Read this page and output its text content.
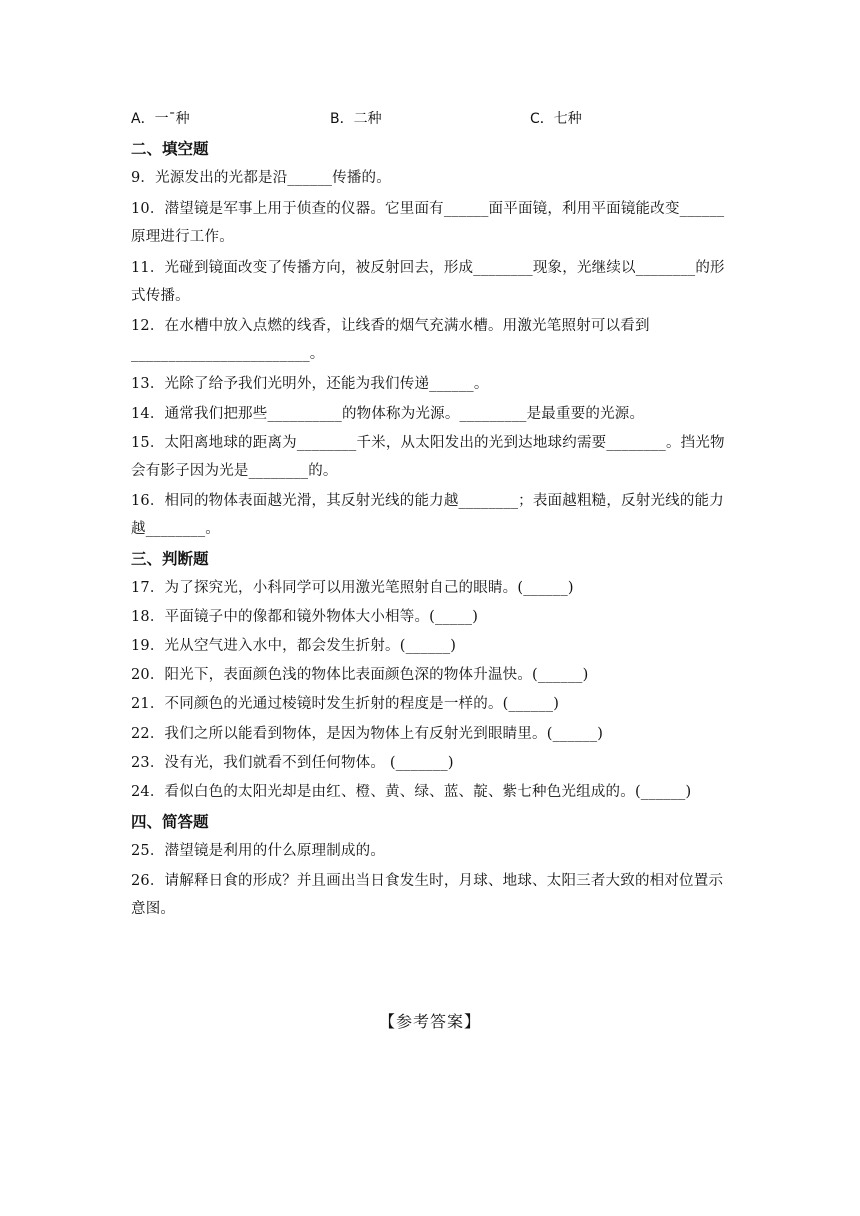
A．一ˉ种	B．二种	C．七种
二、填空题
9．光源发出的光都是沿______传播的。
10．潜望镜是军事上用于侦查的仪器。它里面有______面平面镜，利用平面镜能改变______
原理进行工作。
11．光碰到镜面改变了传播方向，被反射回去，形成________现象，光继续以________的形
式传播。
12．在水槽中放入点燃的线香，让线香的烟气充满水槽。用激光笔照射可以看到
________________________。
13．光除了给予我们光明外，还能为我们传递______。
14．通常我们把那些__________的物体称为光源。_________是最重要的光源。
15．太阳离地球的距离为________千米，从太阳发出的光到达地球约需要________。挡光物
会有影子因为光是________的。
16．相同的物体表面越光滑，其反射光线的能力越________；表面越粗糙，反射光线的能力
越________。
三、判断题
17．为了探究光，小科同学可以用激光笔照射自己的眼睛。(______)
18．平面镜子中的像都和镜外物体大小相等。(_____)
19．光从空气进入水中，都会发生折射。(______)
20．阳光下，表面颜色浅的物体比表面颜色深的物体升温快。(______)
21．不同颜色的光通过棱镜时发生折射的程度是一样的。(______)
22．我们之所以能看到物体，是因为物体上有反射光到眼睛里。(______)
23．没有光，我们就看不到任何物体。 (_______)
24．看似白色的太阳光却是由红、橙、黄、绿、蓝、靛、紫七种色光组成的。(______)
四、简答题
25．潜望镜是利用的什么原理制成的。
26．请解释日食的形成？并且画出当日食发生时，月球、地球、太阳三者大致的相对位置示
意图。
【参考答案】
